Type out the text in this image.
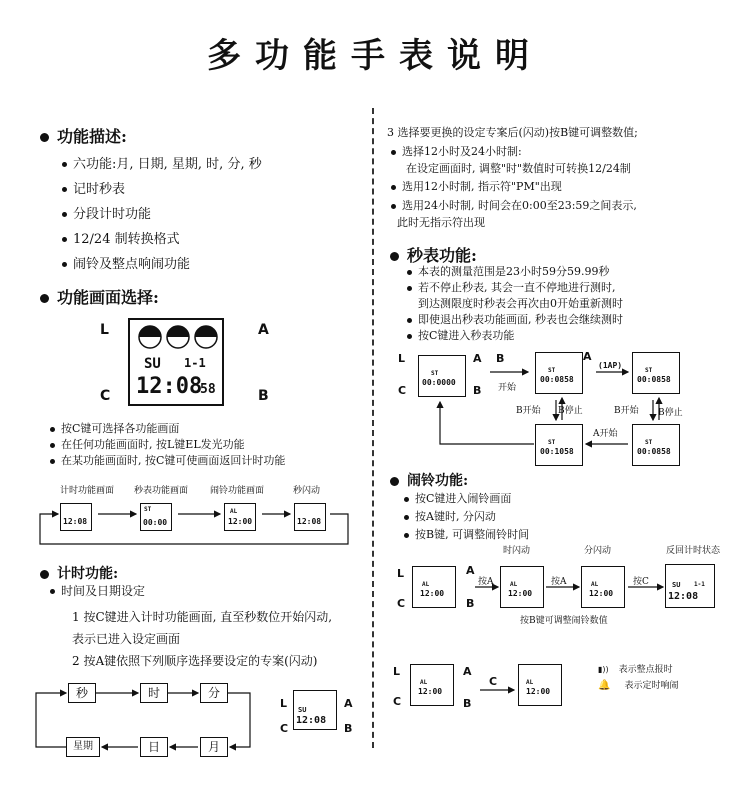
多功能手表说明
功能描述:
六功能:月, 日期, 星期, 时, 分, 秒
记时秒表
分段计时功能
12/24 制转换格式
闹铃及整点响闹功能
功能画面选择:
L	A
C	B
SU 1-1
12:08
58
按C键可选择各功能画面
在任何功能画面时, 按L键EL发光功能
在某功能画面时, 按C键可使画面返回计时功能
计时功能画面 秒表功能画面 闹铃功能画面	秒闪动
12:08
ST
00:00
AL
12:00	12:08
计时功能:
时间及日期设定
1 按C键进入计时功能画面, 直至秒数位开始闪动,
表示已进入设定画面
2 按A键依照下列顺序选择要设定的专案(闪动)
秒	时	分
月
日
星期
L	A
C	B
SU
12:08
3 选择要更换的设定专案后(闪动)按B键可调整数值;
选择12小时及24小时制:
在设定画面时, 调整"时"数值时可转换12/24制
选用12小时制, 指示符"PM"出现
选用24小时制, 时间会在0:00至23:59之间表示,
此时无指示符出现
秒表功能:
本表的测量范围是23小时59分59.99秒
若不停止秒表, 其会一直不停地进行测时,
到达测限度时秒表会再次由0开始重新测时
即使退出秒表功能画面, 秒表也会继续测时
按C键进入秒表功能
L
C
A
B
ST
00:0000
B
开始
ST
00:0858
A
(1AP)
ST
00:0858
B开始 B停止	B开始 B停止
ST
00:1058
A开始
ST
00:0858
闹铃功能:
按C键进入闹铃画面
按A键时, 分闪动
按B键, 可调整闹铃时间
时闪动	分闪动	反回计时状态
L
C
AL
12:00
A
B
按A	AL
12:00
按A	AL
12:00
按C	SU 1-1
12:08
按B键可调整闹铃数值
L
C
AL
12:00
A
B
C	AL
12:00
▮)) 表示整点报时
🔔 表示定时响闹
